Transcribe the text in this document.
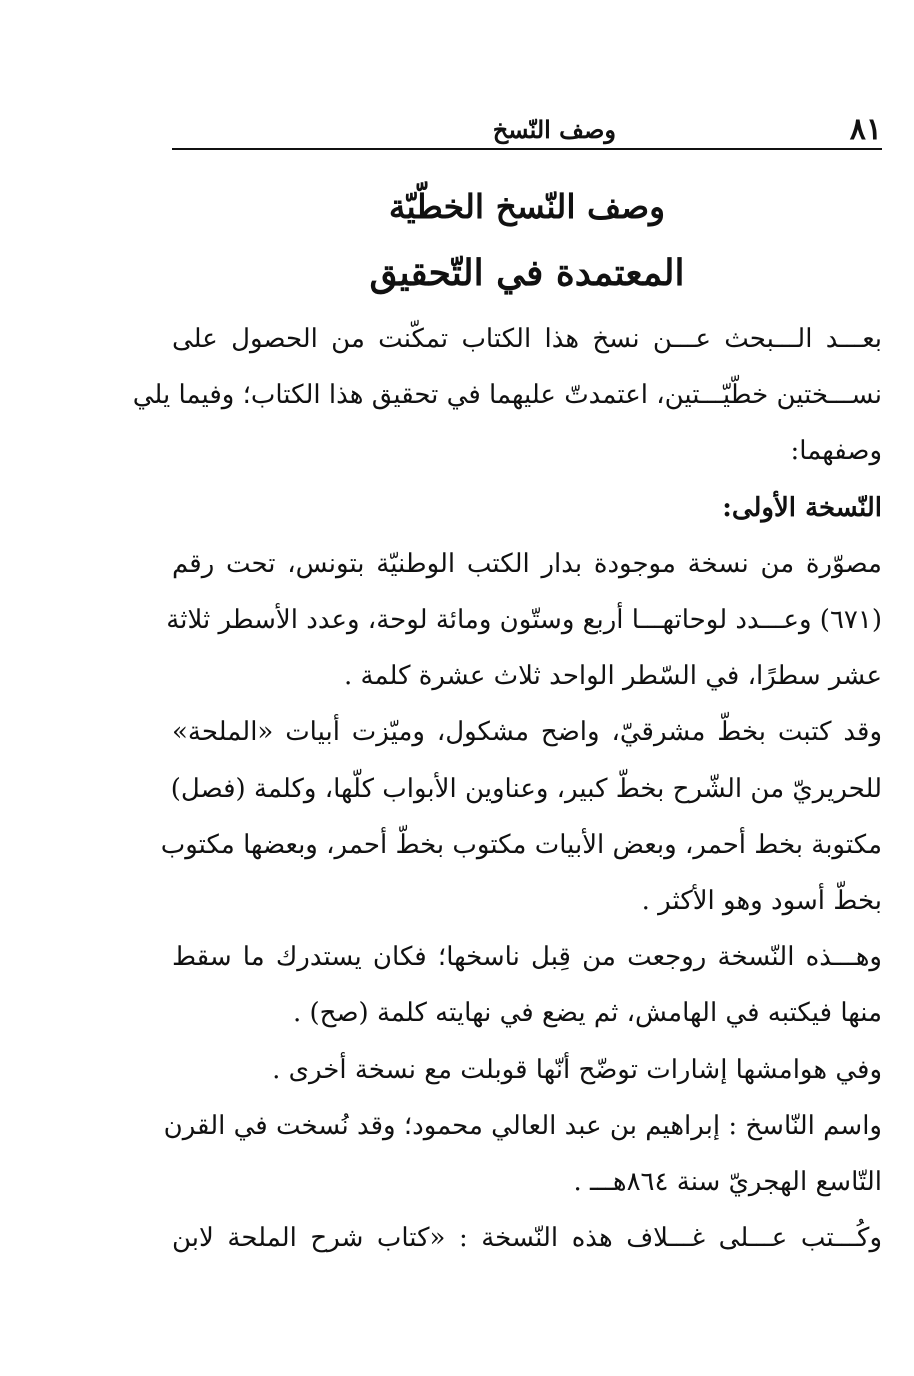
٨١
وصف النّسخ
وصف النّسخ الخطّيّة
المعتمدة في التّحقيق
بعـــد الـــبحث عـــن نسخ هذا الكتاب تمكّنت من الحصول على
نســـختين خطّيّـــتين، اعتمدتّ عليهما في تحقيق هذا الكتاب؛ وفيما يلي
وصفهما:
النّسخة الأولى:
مصوّرة من نسخة موجودة بدار الكتب الوطنيّة بتونس، تحت رقم
(٦٧١) وعـــدد لوحاتهـــا أربع وستّون ومائة لوحة، وعدد الأسطر ثلاثة
عشر سطرًا، في السّطر الواحد ثلاث عشرة كلمة .
وقد كتبت بخطّ مشرقيّ، واضح مشكول، وميّزت أبيات «الملحة»
للحريريّ من الشّرح بخطّ كبير، وعناوين الأبواب كلّها، وكلمة (فصل)
مكتوبة بخط أحمر، وبعض الأبيات مكتوب بخطّ أحمر، وبعضها مكتوب
بخطّ أسود وهو الأكثر .
وهـــذه النّسخة روجعت من قِبل ناسخها؛ فكان يستدرك ما سقط
منها فيكتبه في الهامش، ثم يضع في نهايته كلمة (صح) .
وفي هوامشها إشارات توضّح أنّها قوبلت مع نسخة أخرى .
واسم النّاسخ : إبراهيم بن عبد العالي محمود؛ وقد نُسخت في القرن
التّاسع الهجريّ سنة ٨٦٤هـــ .
وكُـــتب عـــلى غـــلاف هذه النّسخة : «كتاب شرح الملحة لابن
